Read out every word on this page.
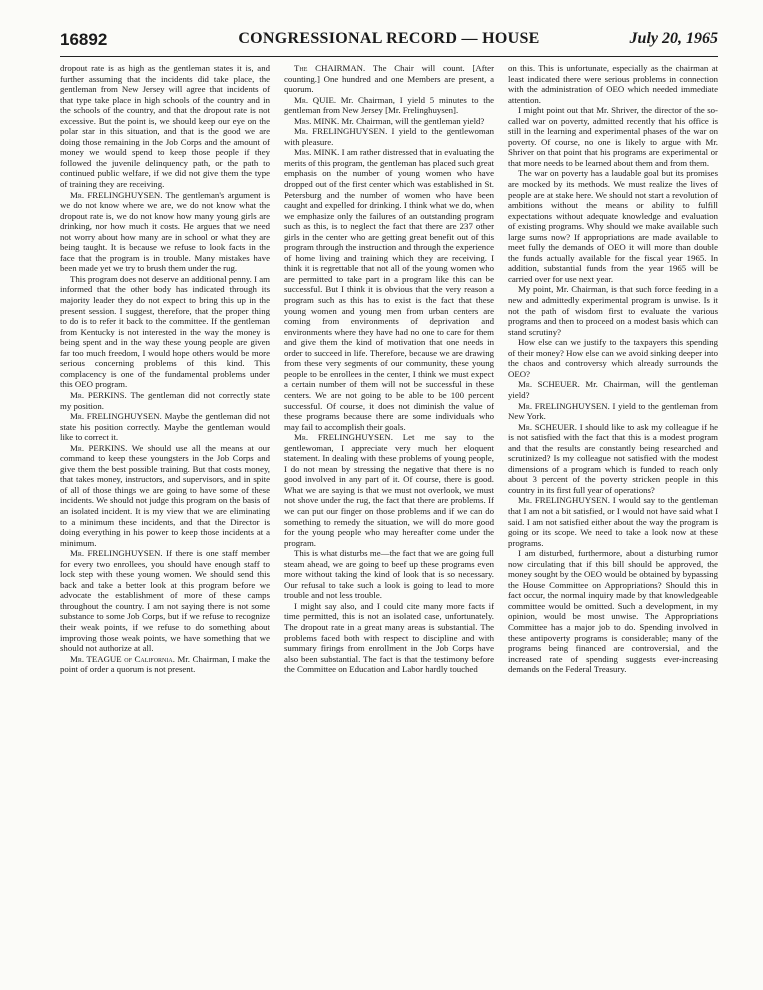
16892	CONGRESSIONAL RECORD — HOUSE	July 20, 1965

dropout rate is as high as the gentleman states it is, and further assuming that the incidents did take place, the gentleman from New Jersey will agree that incidents of that type take place in high schools of the country and in the schools of the country, and that the dropout rate is not excessive. But the point is, we should keep our eye on the polar star in this situation, and that is the good we are doing those remaining in the Job Corps and the amount of money we would spend to keep those people if they followed the juvenile delinquency path, or the path to continued public welfare, if we did not give them the type of training they are receiving.

Mr. FRELINGHUYSEN. The gentleman's argument is we do not know where we are, we do not know what the dropout rate is, we do not know how many young girls are drinking, nor how much it costs. He argues that we need not worry about how many are in school or what they are being taught. It is because we refuse to look facts in the face that the program is in trouble. Many mistakes have been made yet we try to brush them under the rug.

This program does not deserve an additional penny. I am informed that the other body has indicated through its majority leader they do not expect to bring this up in the present session. I suggest, therefore, that the proper thing to do is to refer it back to the committee. If the gentleman from Kentucky is not interested in the way the money is being spent and in the way these young people are given far too much freedom, I would hope others would be more serious concerning problems of this kind. This complacency is one of the fundamental problems under this OEO program.

Mr. PERKINS. The gentleman did not correctly state my position.

Mr. FRELINGHUYSEN. Maybe the gentleman did not state his position correctly. Maybe the gentleman would like to correct it.

Mr. PERKINS. We should use all the means at our command to keep these youngsters in the Job Corps and give them the best possible training. But that costs money, that takes money, instructors, and supervisors, and in spite of all of those things we are going to have some of these incidents. We should not judge this program on the basis of an isolated incident. It is my view that we are eliminating to a minimum these incidents, and that the Director is doing everything in his power to keep those incidents at a minimum.

Mr. FRELINGHUYSEN. If there is one staff member for every two enrollees, you should have enough staff to lock step with these young women. We should send this back and take a better look at this program before we advocate the establishment of more of these camps throughout the country. I am not saying there is not some substance to some Job Corps, but if we refuse to recognize their weak points, if we refuse to do something about improving those weak points, we have something that we should not authorize at all.

Mr. TEAGUE of California. Mr. Chairman, I make the point of order a quorum is not present.

The CHAIRMAN. The Chair will count. [After counting.] One hundred and one Members are present, a quorum.

Mr. QUIE. Mr. Chairman, I yield 5 minutes to the gentleman from New Jersey [Mr. Frelinghuysen].

Mrs. MINK. Mr. Chairman, will the gentleman yield?

Mr. FRELINGHUYSEN. I yield to the gentlewoman with pleasure.

Mrs. MINK. I am rather distressed that in evaluating the merits of this program, the gentleman has placed such great emphasis on the number of young women who have dropped out of the first center which was established in St. Petersburg and the number of women who have been caught and expelled for drinking. I think what we do, when we emphasize only the failures of an outstanding program such as this, is to neglect the fact that there are 237 other girls in the center who are getting great benefit out of this program through the instruction and through the experience of home living and training which they are receiving. I think it is regrettable that not all of the young women who are permitted to take part in a program like this can be successful. But I think it is obvious that the very reason a program such as this has to exist is the fact that these young women and young men from urban centers are coming from environments of deprivation and environments where they have had no one to care for them and give them the kind of motivation that one needs in order to succeed in life. Therefore, because we are drawing from these very segments of our community, these young people to be enrollees in the center, I think we must expect a certain number of them will not be successful in these centers. We are not going to be able to be 100 percent successful. Of course, it does not diminish the value of these programs because there are some individuals who may fail to accomplish their goals.

Mr. FRELINGHUYSEN. Let me say to the gentlewoman, I appreciate very much her eloquent statement. In dealing with these problems of young people, I do not mean by stressing the negative that there is no good involved in any part of it. Of course, there is good. What we are saying is that we must not overlook, we must not shove under the rug, the fact that there are problems. If we can put our finger on those problems and if we can do something to remedy the situation, we will do more good for the young people who may hereafter come under the program.

This is what disturbs me—the fact that we are going full steam ahead, we are going to beef up these programs even more without taking the kind of look that is so necessary. Our refusal to take such a look is going to lead to more trouble and not less trouble.

I might say also, and I could cite many more facts if time permitted, this is not an isolated case, unfortunately. The dropout rate in a great many areas is substantial. The problems faced both with respect to discipline and with summary firings from enrollment in the Job Corps have also been substantial. The fact is that the testimony before the Committee on Education and Labor hardly touched

on this. This is unfortunate, especially as the chairman at least indicated there were serious problems in connection with the administration of OEO which needed immediate attention.

I might point out that Mr. Shriver, the director of the so-called war on poverty, admitted recently that his office is still in the learning and experimental phases of the war on poverty. Of course, no one is likely to argue with Mr. Shriver on that point that his programs are experimental or that more needs to be learned about them and from them.

The war on poverty has a laudable goal but its promises are mocked by its methods. We must realize the lives of people are at stake here. We should not start a revolution of ambitions without the means or ability to fulfill expectations without adequate knowledge and evaluation of existing programs. Why should we make available such large sums now? If appropriations are made available to meet fully the demands of OEO it will more than double the funds actually available for the fiscal year 1965. In addition, substantial funds from the year 1965 will be carried over for use next year.

My point, Mr. Chairman, is that such force feeding in a new and admittedly experimental program is unwise. Is it not the path of wisdom first to evaluate the various programs and then to proceed on a modest basis which can stand scrutiny?

How else can we justify to the taxpayers this spending of their money? How else can we avoid sinking deeper into the chaos and controversy which already surrounds the OEO?

Mr. SCHEUER. Mr. Chairman, will the gentleman yield?

Mr. FRELINGHUYSEN. I yield to the gentleman from New York.

Mr. SCHEUER. I should like to ask my colleague if he is not satisfied with the fact that this is a modest program and that the results are constantly being researched and scrutinized? Is my colleague not satisfied with the modest dimensions of a program which is funded to reach only about 3 percent of the poverty stricken people in this country in its first full year of operations?

Mr. FRELINGHUYSEN. I would say to the gentleman that I am not a bit satisfied, or I would not have said what I said. I am not satisfied either about the way the program is going or its scope. We need to take a look now at these programs.

I am disturbed, furthermore, about a disturbing rumor now circulating that if this bill should be approved, the money sought by the OEO would be obtained by bypassing the House Committee on Appropriations? Should this in fact occur, the normal inquiry made by that knowledgeable committee would be omitted. Such a development, in my opinion, would be most unwise. The Appropriations Committee has a major job to do. Spending involved in these antipoverty programs is considerable; many of the programs being financed are controversial, and the increased rate of spending suggests ever-increasing demands on the Federal Treasury.
